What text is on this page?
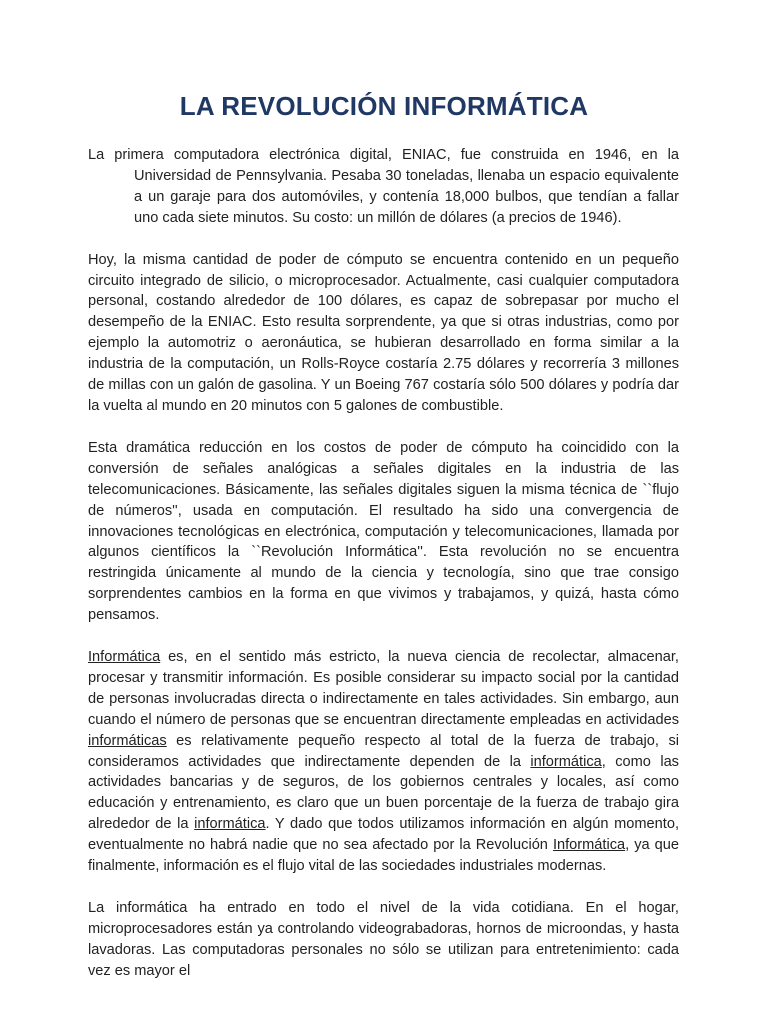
LA REVOLUCIÓN INFORMÁTICA

La primera computadora electrónica digital, ENIAC, fue construida en 1946, en la Universidad de Pennsylvania. Pesaba 30 toneladas, llenaba un espacio equivalente a un garaje para dos automóviles, y contenía 18,000 bulbos, que tendían a fallar uno cada siete minutos. Su costo: un millón de dólares (a precios de 1946).

Hoy, la misma cantidad de poder de cómputo se encuentra contenido en un pequeño circuito integrado de silicio, o microprocesador. Actualmente, casi cualquier computadora personal, costando alrededor de 100 dólares, es capaz de sobrepasar por mucho el desempeño de la ENIAC. Esto resulta sorprendente, ya que si otras industrias, como por ejemplo la automotriz o aeronáutica, se hubieran desarrollado en forma similar a la industria de la computación, un Rolls-Royce costaría 2.75 dólares y recorrería 3 millones de millas con un galón de gasolina. Y un Boeing 767 costaría sólo 500 dólares y podría dar la vuelta al mundo en 20 minutos con 5 galones de combustible.

Esta dramática reducción en los costos de poder de cómputo ha coincidido con la conversión de señales analógicas a señales digitales en la industria de las telecomunicaciones. Básicamente, las señales digitales siguen la misma técnica de ``flujo de números'', usada en computación. El resultado ha sido una convergencia de innovaciones tecnológicas en electrónica, computación y telecomunicaciones, llamada por algunos científicos la ``Revolución Informática''. Esta revolución no se encuentra restringida únicamente al mundo de la ciencia y tecnología, sino que trae consigo sorprendentes cambios en la forma en que vivimos y trabajamos, y quizá, hasta cómo pensamos.

Informática es, en el sentido más estricto, la nueva ciencia de recolectar, almacenar, procesar y transmitir información. Es posible considerar su impacto social por la cantidad de personas involucradas directa o indirectamente en tales actividades. Sin embargo, aun cuando el número de personas que se encuentran directamente empleadas en actividades informáticas es relativamente pequeño respecto al total de la fuerza de trabajo, si consideramos actividades que indirectamente dependen de la informática, como las actividades bancarias y de seguros, de los gobiernos centrales y locales, así como educación y entrenamiento, es claro que un buen porcentaje de la fuerza de trabajo gira alrededor de la informática. Y dado que todos utilizamos información en algún momento, eventualmente no habrá nadie que no sea afectado por la Revolución Informática, ya que finalmente, información es el flujo vital de las sociedades industriales modernas.

La informática ha entrado en todo el nivel de la vida cotidiana. En el hogar, microprocesadores están ya controlando videograbadoras, hornos de microondas, y hasta lavadoras. Las computadoras personales no sólo se utilizan para entretenimiento: cada vez es mayor el
